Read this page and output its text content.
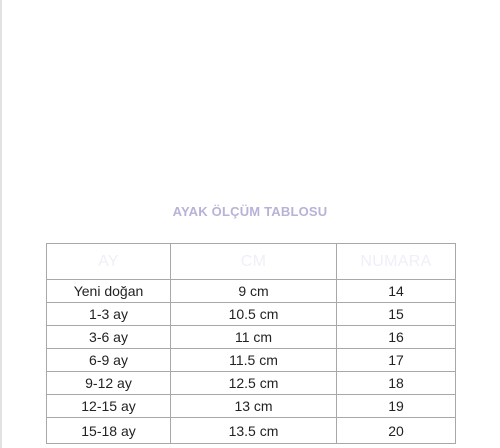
AYAK ÖLÇÜM TABLOSU
AY	CM	NUMARA
Yeni doğan	9 cm	14
1-3 ay	10.5 cm	15
3-6 ay	11 cm	16
6-9 ay	11.5 cm	17
9-12 ay	12.5 cm	18
12-15 ay	13 cm	19
15-18 ay	13.5 cm	20
